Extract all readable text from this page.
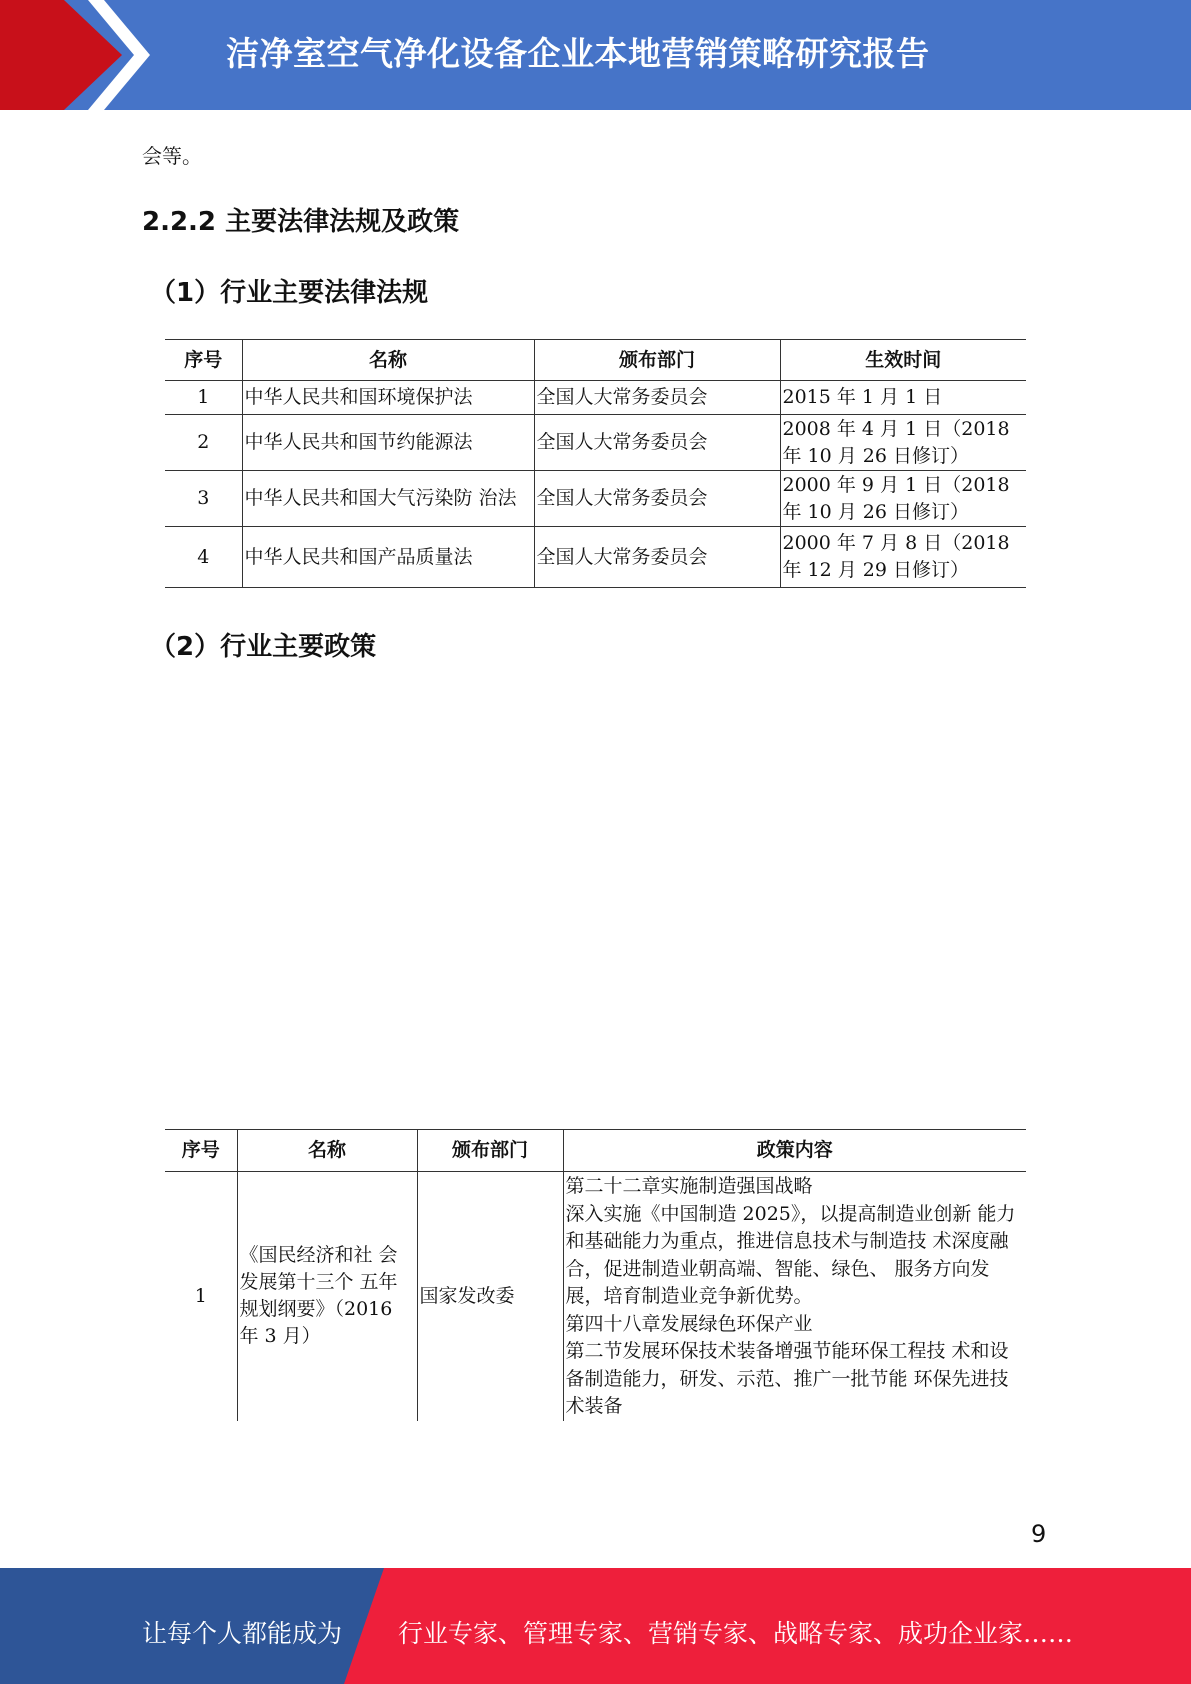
洁净室空气净化设备企业本地营销策略研究报告
会等。
2.2.2 主要法律法规及政策
（1）行业主要法律法规
序号	名称	颁布部门	生效时间
1	中华人民共和国环境保护法	全国人大常务委员会	2015 年 1 月 1 日
2	中华人民共和国节约能源法	全国人大常务委员会	2008 年 4 月 1 日（2018 年 10 月 26 日修订）
3	中华人民共和国大气污染防 治法	全国人大常务委员会	2000 年 9 月 1 日（2018 年 10 月 26 日修订）
4	中华人民共和国产品质量法	全国人大常务委员会	2000 年 7 月 8 日（2018 年 12 月 29 日修订）
（2）行业主要政策
序号	名称	颁布部门	政策内容
1	《国民经济和社 会发展第十三个 五年规划纲要》（2016 年 3 月）	国家发改委	第二十二章实施制造强国战略
深入实施《中国制造 2025》，以提高制造业创新 能力和基础能力为重点，推进信息技术与制造技 术深度融合，促进制造业朝高端、智能、绿色、 服务方向发展，培育制造业竞争新优势。
第四十八章发展绿色环保产业
第二节发展环保技术装备增强节能环保工程技 术和设备制造能力，研发、示范、推广一批节能 环保先进技术装备
9
让每个人都能成为 行业专家、管理专家、营销专家、战略专家、成功企业家……
